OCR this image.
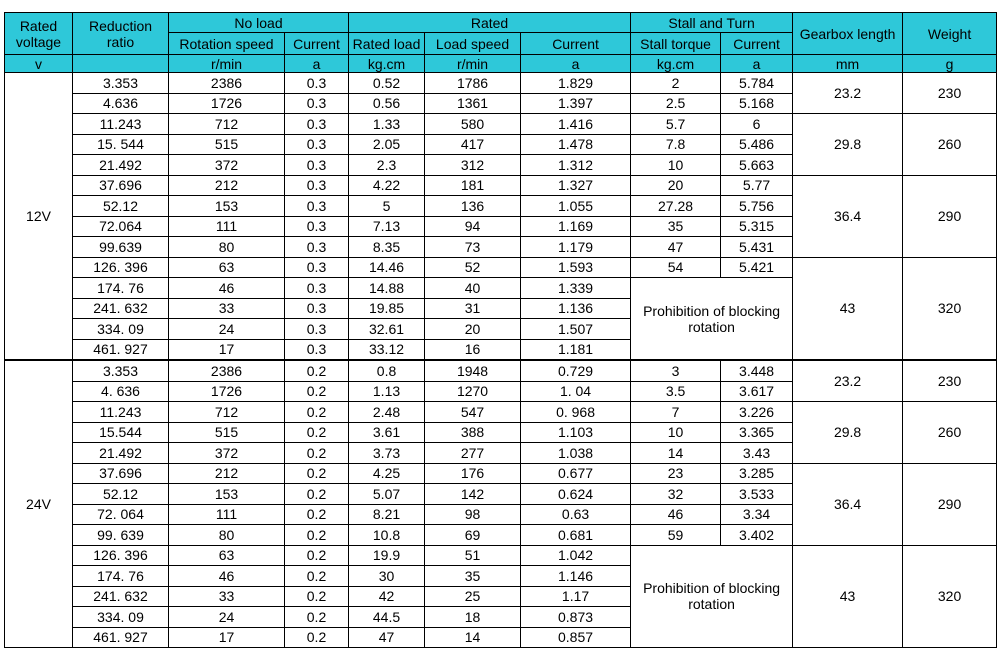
Rated voltage	Reduction ratio	No load		Rated			Stall and Turn		Gearbox length	Weight
		Rotation speed	Current	Rated load	Load speed	Current	Stall torque	Current		
v		r/min	a	kg.cm	r/min	a	kg.cm	a	mm	g
12V	3.353	2386	0.3	0.52	1786	1.829	2	5.784	23.2	230
	4.636	1726	0.3	0.56	1361	1.397	2.5	5.168		
	11.243	712	0.3	1.33	580	1.416	5.7	6	29.8	260
	15. 544	515	0.3	2.05	417	1.478	7.8	5.486		
	21.492	372	0.3	2.3	312	1.312	10	5.663		
	37.696	212	0.3	4.22	181	1.327	20	5.77	36.4	290
	52.12	153	0.3	5	136	1.055	27.28	5.756		
	72.064	111	0.3	7.13	94	1.169	35	5.315		
	99.639	80	0.3	8.35	73	1.179	47	5.431		
	126. 396	63	0.3	14.46	52	1.593	54	5.421	43	320
	174. 76	46	0.3	14.88	40	1.339	Prohibition of blocking rotation			
	241. 632	33	0.3	19.85	31	1.136				
	334. 09	24	0.3	32.61	20	1.507				
	461. 927	17	0.3	33.12	16	1.181				
24V	3.353	2386	0.2	0.8	1948	0.729	3	3.448	23.2	230
	4. 636	1726	0.2	1.13	1270	1. 04	3.5	3.617		
	11.243	712	0.2	2.48	547	0. 968	7	3.226	29.8	260
	15.544	515	0.2	3.61	388	1.103	10	3.365		
	21.492	372	0.2	3.73	277	1.038	14	3.43		
	37.696	212	0.2	4.25	176	0.677	23	3.285	36.4	290
	52.12	153	0.2	5.07	142	0.624	32	3.533		
	72. 064	111	0.2	8.21	98	0.63	46	3.34		
	99. 639	80	0.2	10.8	69	0.681	59	3.402		
	126. 396	63	0.2	19.9	51	1.042	Prohibition of blocking rotation		43	320
	174. 76	46	0.2	30	35	1.146				
	241. 632	33	0.2	42	25	1.17				
	334. 09	24	0.2	44.5	18	0.873				
	461. 927	17	0.2	47	14	0.857				
